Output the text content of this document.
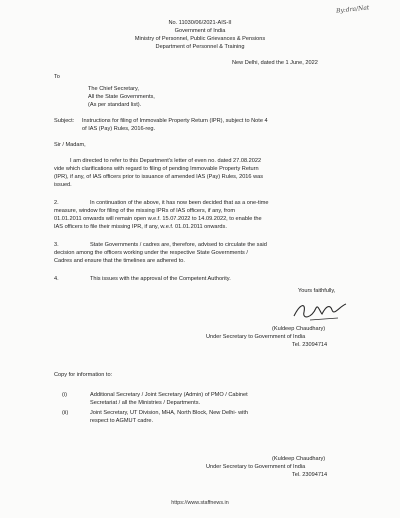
By:dra/Nat
No. 11030/06/2021-AIS-II
Government of India
Ministry of Personnel, Public Grievances & Pensions
Department of Personnel & Training
New Delhi, dated the 1 June, 2022
To
The Chief Secretary,
All the State Governments,
(As per standard list).
Subject: Instructions for filing of Immovable Property Return (IPR), subject to Note 4
of IAS (Pay) Rules, 2016-reg.
Sir / Madam,
I am directed to refer to this Department's letter of even no. dated 27.08.2022
vide which clarifications with regard to filing of pending Immovable Property Return
(IPR), if any, of IAS officers prior to issuance of amended IAS (Pay) Rules, 2016 was
issued.
2.	In continuation of the above, it has now been decided that as a one-time
measure, window for filing of the missing IPRs of IAS officers, if any, from
01.01.2011 onwards will remain open w.e.f. 15.07.2022 to 14.09.2022, to enable the
IAS officers to file their missing IPR, if any, w.e.f. 01.01.2011 onwards.
3.	State Governments / cadres are, therefore, advised to circulate the said
decision among the officers working under the respective State Governments /
Cadres and ensure that the timelines are adhered to.
4.	This issues with the approval of the Competent Authority.
Yours faithfully,
(Kuldeep Chaudhary)
Under Secretary to Government of India
Tel. 23094714
Copy for information to:
(i)	Additional Secretary / Joint Secretary (Admin) of PMO / Cabinet
Secretariat / all the Ministries / Departments.
(ii)	Joint Secretary, UT Division, MHA, North Block, New Delhi- with
respect to AGMUT cadre.
(Kuldeep Chaudhary)
Under Secretary to Government of India
Tel. 23094714
https://www.staffnews.in
